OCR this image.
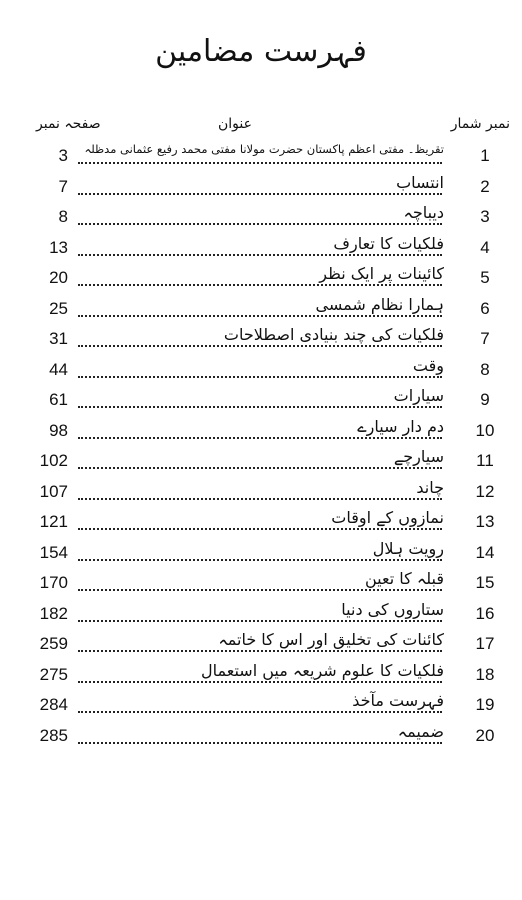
فہرست مضامین
نمبر شمار
عنوان
صفحہ نمبر
1
تقریظ۔ مفتی اعظم پاکستان حضرت مولانا مفتی محمد رفیع عثمانی مدظلہ
3
2
انتساب
7
3
دیباچہ
8
4
فلکیات کا تعارف
13
5
کائینات پر ایک نظر
20
6
ہمارا نظام شمسی
25
7
فلکیات کی چند بنیادی اصطلاحات
31
8
وقت
44
9
سیارات
61
10
دم دار سیارے
98
11
سیارچے
102
12
چاند
107
13
نمازوں کے اوقات
121
14
رویت ہلال
154
15
قبلہ کا تعین
170
16
ستاروں کی دنیا
182
17
کائنات کی تخلیق اور اس کا خاتمہ
259
18
فلکیات کا علوم شریعہ میں استعمال
275
19
فہرست مآخذ
284
20
ضمیمہ
285
